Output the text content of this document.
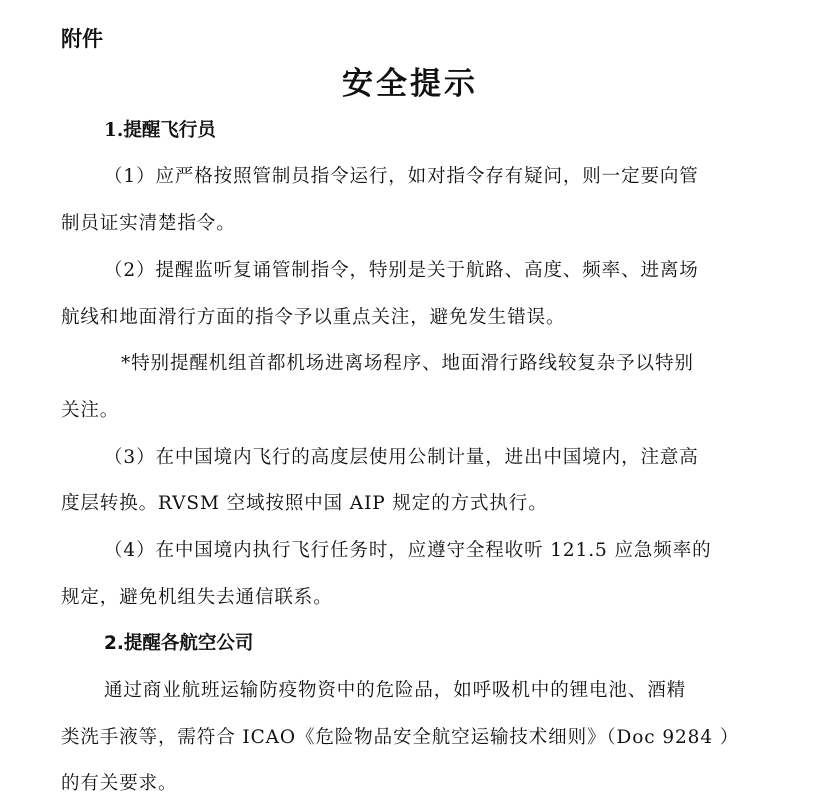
附件
安全提示
1.提醒飞行员
（1）应严格按照管制员指令运行，如对指令存有疑问，则一定要向管
制员证实清楚指令。
（2）提醒监听复诵管制指令，特别是关于航路、高度、频率、进离场
航线和地面滑行方面的指令予以重点关注，避免发生错误。
*特别提醒机组首都机场进离场程序、地面滑行路线较复杂予以特别
关注。
（3）在中国境内飞行的高度层使用公制计量，进出中国境内，注意高
度层转换。RVSM 空域按照中国 AIP 规定的方式执行。
（4）在中国境内执行飞行任务时，应遵守全程收听 121.5 应急频率的
规定，避免机组失去通信联系。
2.提醒各航空公司
通过商业航班运输防疫物资中的危险品，如呼吸机中的锂电池、酒精
类洗手液等，需符合 ICAO《危险物品安全航空运输技术细则》（Doc 9284 ）
的有关要求。
